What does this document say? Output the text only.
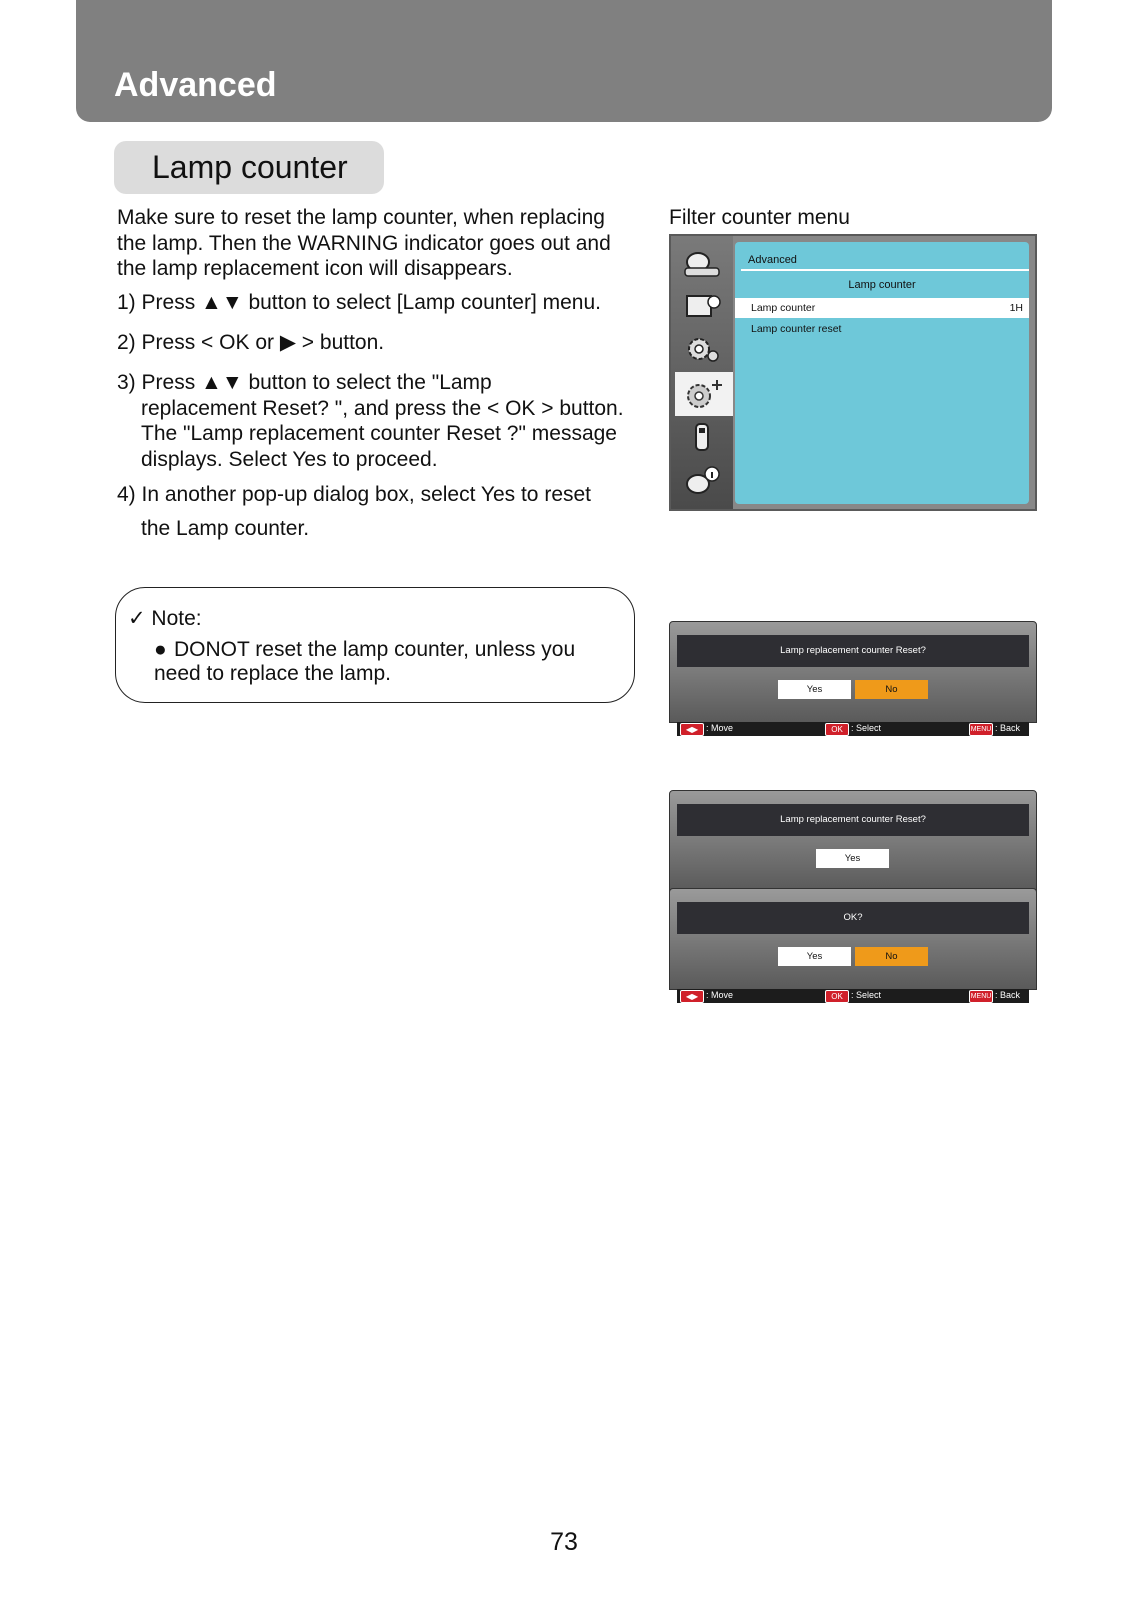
Advanced
Lamp counter
Make sure to reset the lamp counter, when replacing the lamp. Then the WARNING indicator goes out and the lamp replacement icon will disappears.
1) Press ▲▼ button to select [Lamp counter] menu.
2) Press < OK or ▶ > button.
3) Press ▲▼ button to select the "Lamp
replacement Reset? ", and press the < OK > button. The "Lamp replacement counter Reset ?" message displays. Select Yes to proceed.
4) In another pop-up dialog box, select Yes to reset
the Lamp counter.
✓ Note:
● DONOT reset the lamp counter, unless you need to replace the lamp.
Filter counter menu
Advanced
Lamp counter
Lamp counter	1H
Lamp counter reset
Lamp replacement counter Reset?
Yes	No
◀▶ : Move	OK : Select	MENU : Back
Lamp replacement counter Reset?
Yes
OK?
Yes	No
◀▶ : Move	OK : Select	MENU : Back
73
